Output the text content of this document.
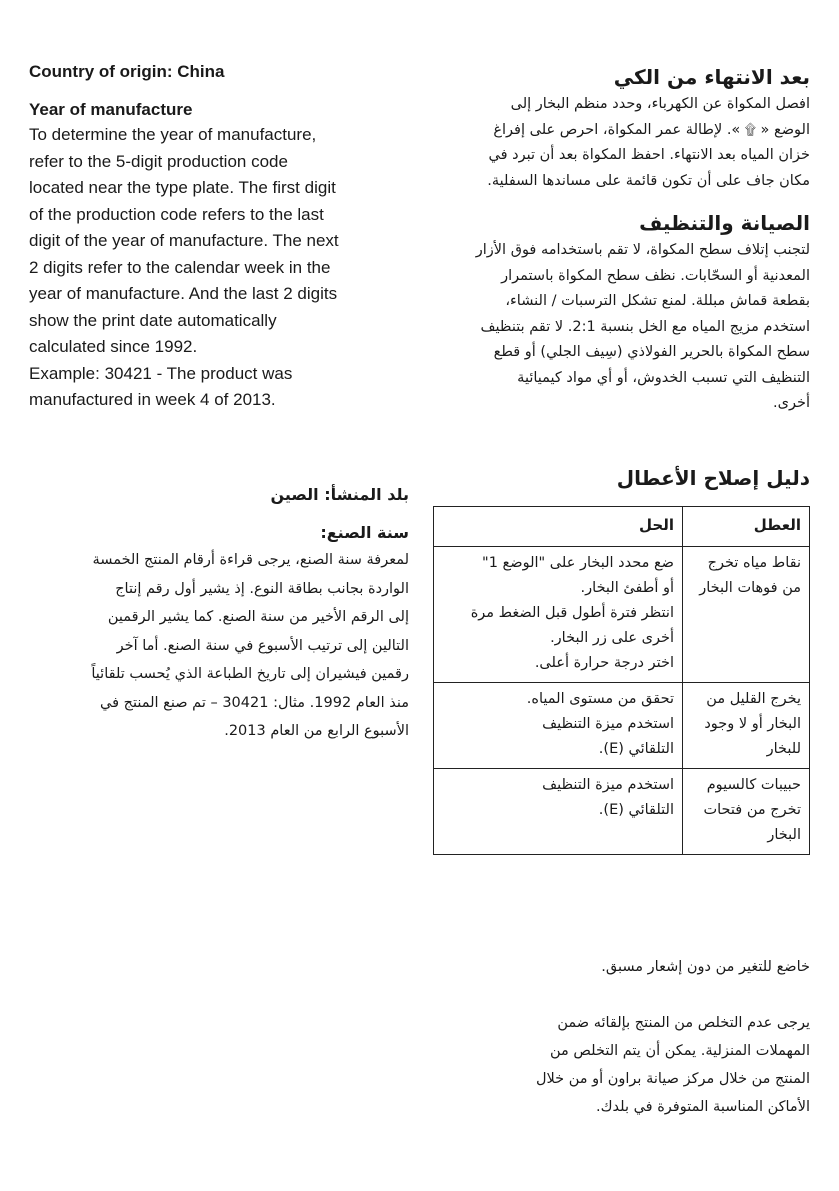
Country of origin: China
Year of manufacture
To determine the year of manufacture,
refer to the 5-digit production code
located near the type plate. The first digit
of the production code refers to the last
digit of the year of manufacture. The next
2 digits refer to the calendar week in the
year of manufacture. And the last 2 digits
show the print date automatically
calculated since 1992.
Example: 30421 - The product was
manufactured in week 4 of 2013.
بعد الانتهاء من الكي
افصل المكواة عن الكهرباء، وحدد منظم البخار إلى
الوضع « ۩ ». لإطالة عمر المكواة، احرص على إفراغ
خزان المياه بعد الانتهاء. احفظ المكواة بعد أن تبرد في
مكان جاف على أن تكون قائمة على مساندها السفلية.
الصيانة والتنظيف
لتجنب إتلاف سطح المكواة، لا تقم باستخدامه فوق الأزار
المعدنية أو السحّابات. نظف سطح المكواة باستمرار
بقطعة قماش مبللة. لمنع تشكل الترسبات / النشاء،
استخدم مزيج المياه مع الخل بنسبة 2:1. لا تقم بتنظيف
سطح المكواة بالحرير الفولاذي (سِيف الجلي) أو قطع
التنظيف التي تسبب الخدوش، أو أي مواد كيميائية
أخرى.
دليل إصلاح الأعطال
العطل	الحل

نقاط مياه تخرج
من فوهات البخار	ضع محدد البخار على "الوضع 1"
أو أطفئ البخار.
انتظر فترة أطول قبل الضغط مرة
أخرى على زر البخار.
اختر درجة حرارة أعلى.

يخرج القليل من
البخار أو لا وجود
للبخار	تحقق من مستوى المياه.
استخدم ميزة التنظيف
التلقائي (E).

حبيبات كالسيوم
تخرج من فتحات
البخار	استخدم ميزة التنظيف
التلقائي (E).
بلد المنشأ: الصين
سنة الصنع:
لمعرفة سنة الصنع، يرجى قراءة أرقام المنتج الخمسة
الواردة بجانب بطاقة النوع. إذ يشير أول رقم إنتاج
إلى الرقم الأخير من سنة الصنع. كما يشير الرقمين
التالين إلى ترتيب الأسبوع في سنة الصنع. أما آخر
رقمين فيشيران إلى تاريخ الطباعة الذي يُحسب تلقائياً
منذ العام 1992. مثال: 30421 – تم صنع المنتج في
الأسبوع الرابع من العام 2013.
خاضع للتغير من دون إشعار مسبق.
يرجى عدم التخلص من المنتج بإلقائه ضمن
المهملات المنزلية. يمكن أن يتم التخلص من
المنتج من خلال مركز صيانة براون أو من خلال
الأماكن المناسبة المتوفرة في بلدك.
